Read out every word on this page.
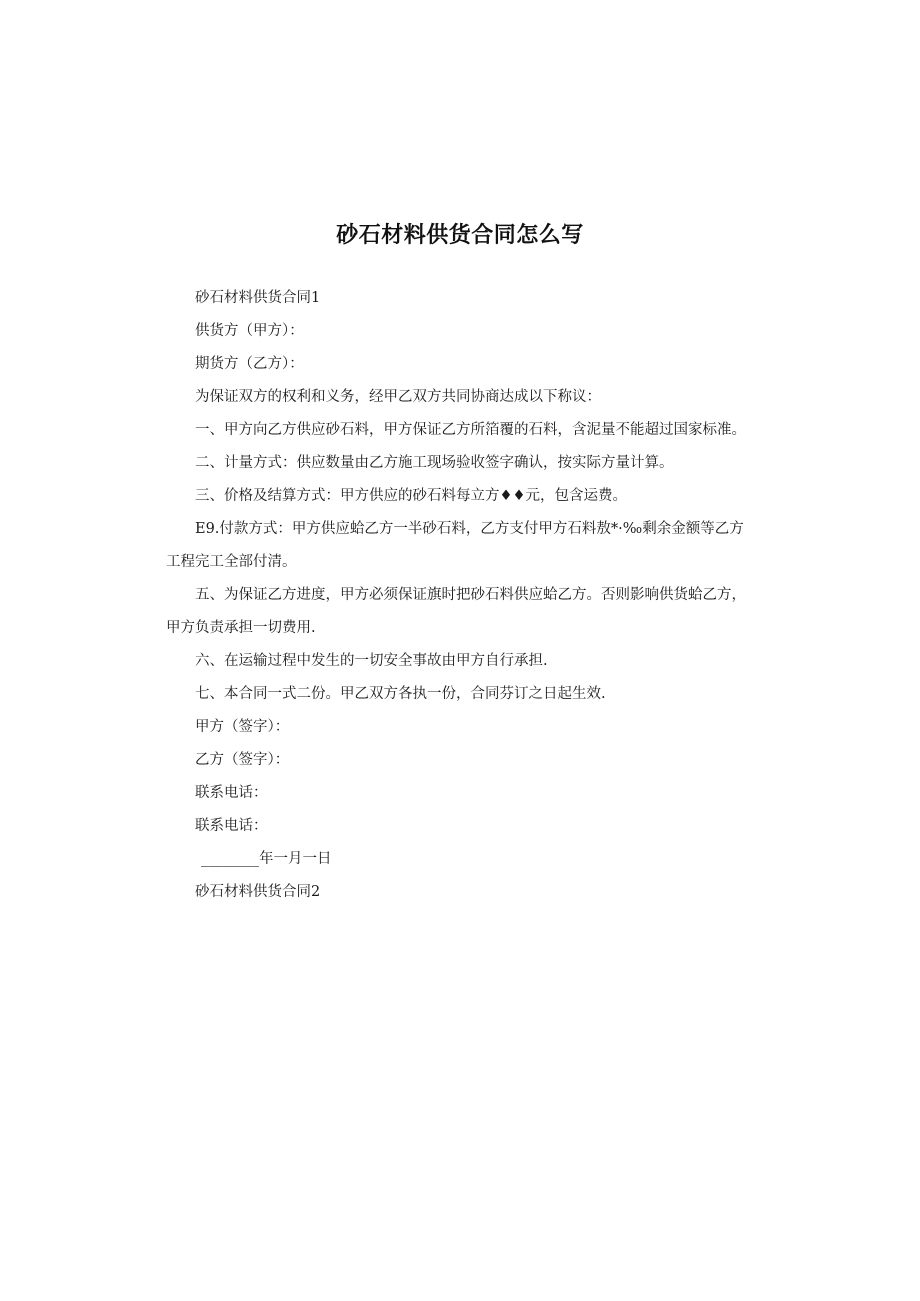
砂石材料供货合同怎么写

砂石材料供货合同1

供货方（甲方）：

期货方（乙方）：

为保证双方的权利和义务，经甲乙双方共同协商达成以下称议：

一、甲方向乙方供应砂石料，甲方保证乙方所箔覆的石料，含泥量不能超过国家标准。

二、计量方式：供应数量由乙方施工现场验收签字确认，按实际方量计算。

三、价格及结算方式：甲方供应的砂石料每立方♦♦元，包含运费。

E9.付款方式：甲方供应蛤乙方一半砂石料，乙方支付甲方石料敖*·‰剩余金额等乙方工程完工全部付清。

五、为保证乙方进度，甲方必须保证旗时把砂石料供应蛤乙方。否则影响供货蛤乙方，甲方负责承担一切费用.

六、在运输过程中发生的一切安全事故由甲方自行承担.

七、本合同一式二份。甲乙双方各执一份，合同芬订之日起生效.

甲方（签字）：

乙方（签字）：

联系电话：

联系电话：

________年一月一日

砂石材料供货合同2
